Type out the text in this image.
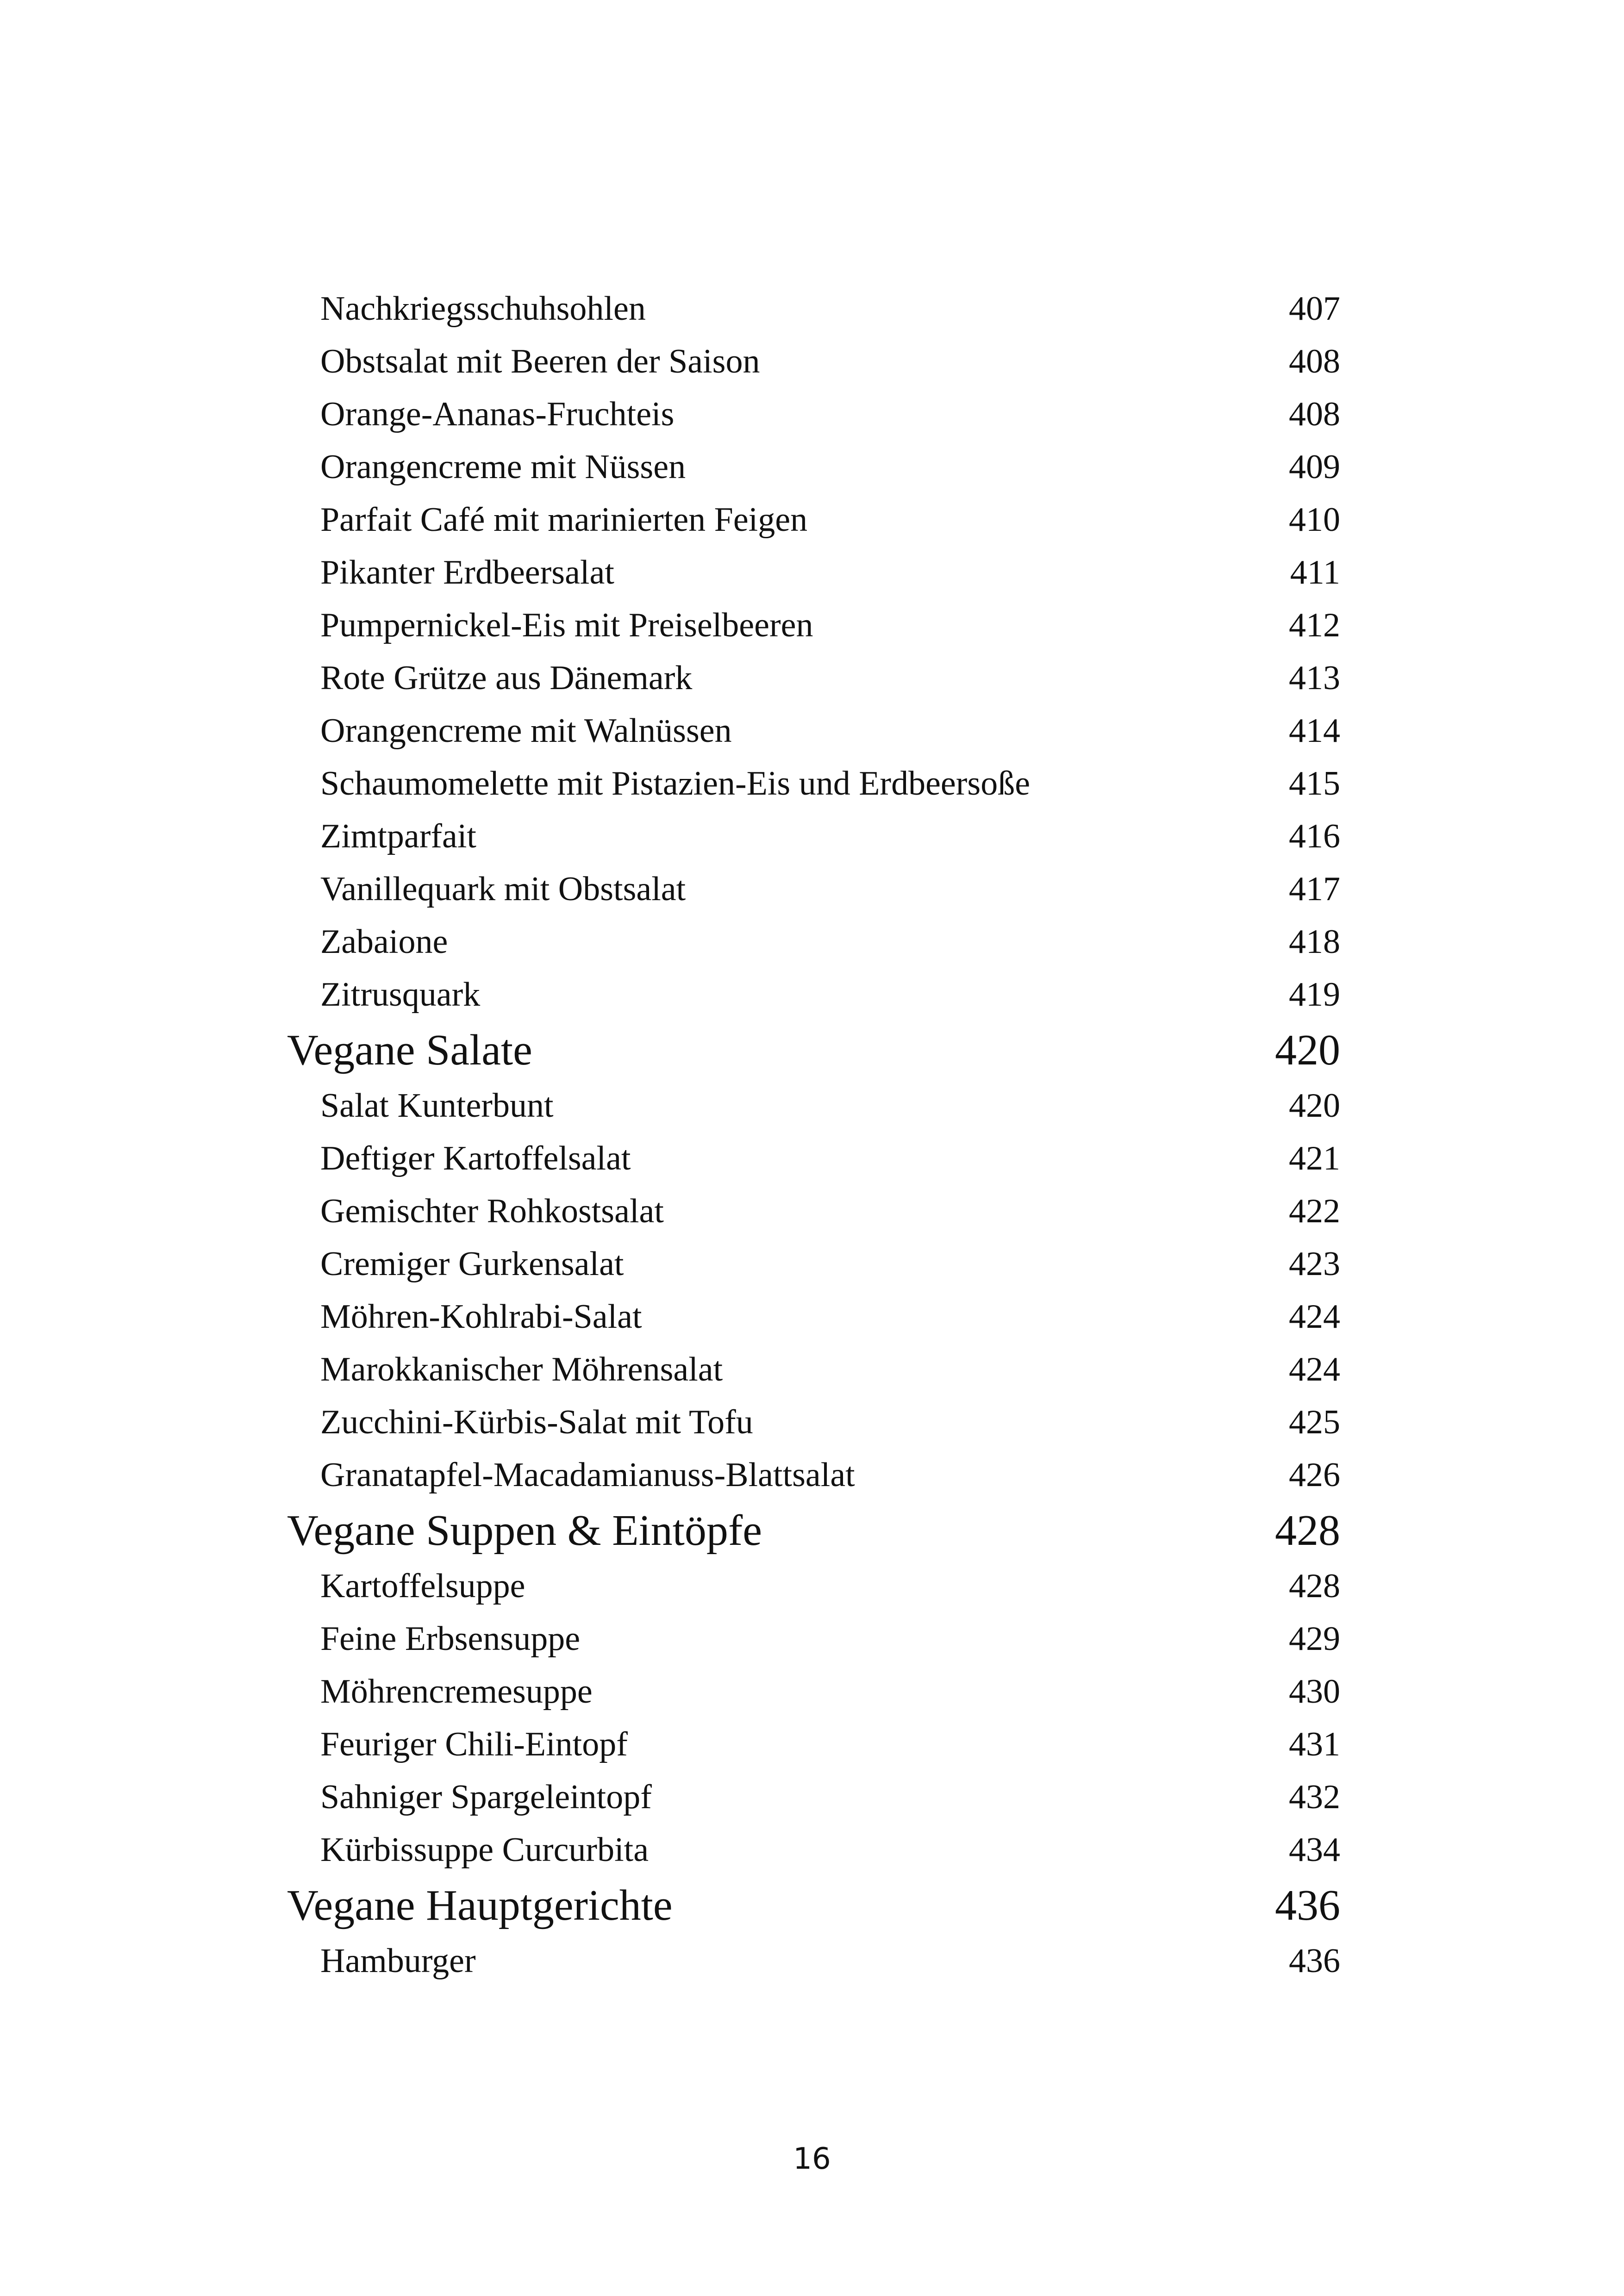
Nachkriegsschuhsohlen	407
Obstsalat mit Beeren der Saison	408
Orange-Ananas-Fruchteis	408
Orangencreme mit Nüssen	409
Parfait Café mit marinierten Feigen	410
Pikanter Erdbeersalat	411
Pumpernickel-Eis mit Preiselbeeren	412
Rote Grütze aus Dänemark	413
Orangencreme mit Walnüssen	414
Schaumomelette mit Pistazien-Eis und Erdbeersoße	415
Zimtparfait	416
Vanillequark mit Obstsalat	417
Zabaione	418
Zitrusquark	419
Vegane Salate	420
Salat Kunterbunt	420
Deftiger Kartoffelsalat	421
Gemischter Rohkostsalat	422
Cremiger Gurkensalat	423
Möhren-Kohlrabi-Salat	424
Marokkanischer Möhrensalat	424
Zucchini-Kürbis-Salat mit Tofu	425
Granatapfel-Macadamianuss-Blattsalat	426
Vegane Suppen & Eintöpfe	428
Kartoffelsuppe	428
Feine Erbsensuppe	429
Möhrencremesuppe	430
Feuriger Chili-Eintopf	431
Sahniger Spargeleintopf	432
Kürbissuppe Curcurbita	434
Vegane Hauptgerichte	436
Hamburger	436
16
